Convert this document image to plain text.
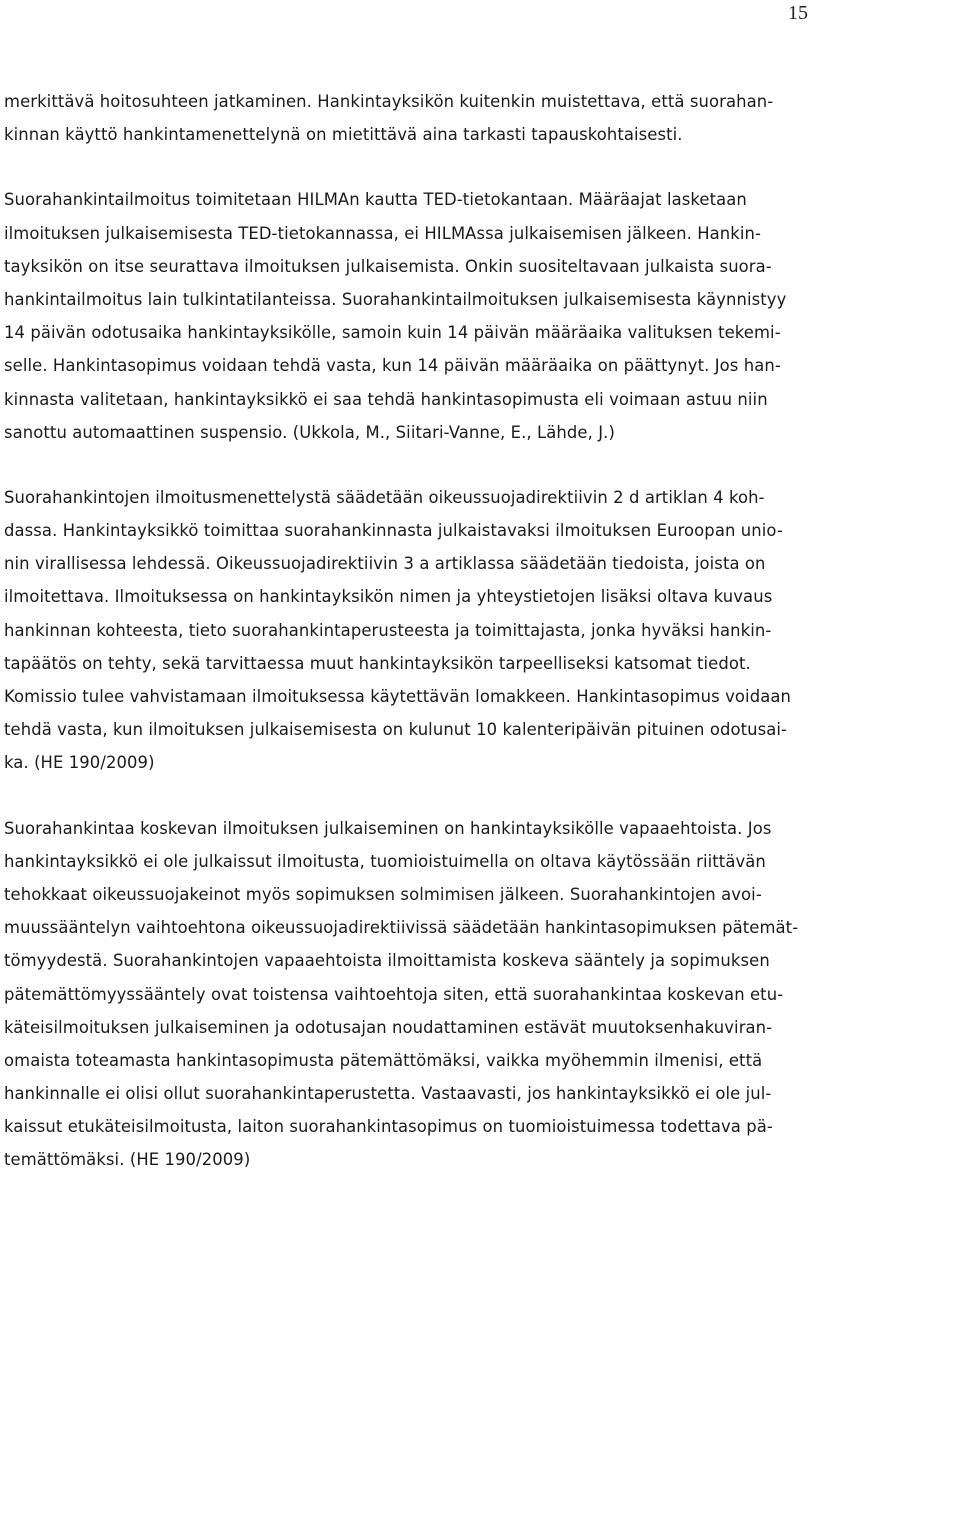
15
merkittävä hoitosuhteen jatkaminen. Hankintayksikön kuitenkin muistettava, että suorahan-
kinnan käyttö hankintamenettelynä on mietittävä aina tarkasti tapauskohtaisesti.
Suorahankintailmoitus toimitetaan HILMAn kautta TED-tietokantaan. Määräajat lasketaan
ilmoituksen julkaisemisesta TED-tietokannassa, ei HILMAssa julkaisemisen jälkeen. Hankin-
tayksikön on itse seurattava ilmoituksen julkaisemista. Onkin suositeltavaan julkaista suora-
hankintailmoitus lain tulkintatilanteissa. Suorahankintailmoituksen julkaisemisesta käynnistyy
14 päivän odotusaika hankintayksikölle, samoin kuin 14 päivän määräaika valituksen tekemi-
selle. Hankintasopimus voidaan tehdä vasta, kun 14 päivän määräaika on päättynyt. Jos han-
kinnasta valitetaan, hankintayksikkö ei saa tehdä hankintasopimusta eli voimaan astuu niin
sanottu automaattinen suspensio. (Ukkola, M., Siitari-Vanne, E., Lähde, J.)
Suorahankintojen ilmoitusmenettelystä säädetään oikeussuojadirektiivin 2 d artiklan 4 koh-
dassa. Hankintayksikkö toimittaa suorahankinnasta julkaistavaksi ilmoituksen Euroopan unio-
nin virallisessa lehdessä. Oikeussuojadirektiivin 3 a artiklassa säädetään tiedoista, joista on
ilmoitettava. Ilmoituksessa on hankintayksikön nimen ja yhteystietojen lisäksi oltava kuvaus
hankinnan kohteesta, tieto suorahankintaperusteesta ja toimittajasta, jonka hyväksi hankin-
tapäätös on tehty, sekä tarvittaessa muut hankintayksikön tarpeelliseksi katsomat tiedot.
Komissio tulee vahvistamaan ilmoituksessa käytettävän lomakkeen. Hankintasopimus voidaan
tehdä vasta, kun ilmoituksen julkaisemisesta on kulunut 10 kalenteripäivän pituinen odotusai-
ka. (HE 190/2009)
Suorahankintaa koskevan ilmoituksen julkaiseminen on hankintayksikölle vapaaehtoista. Jos
hankintayksikkö ei ole julkaissut ilmoitusta, tuomioistuimella on oltava käytössään riittävän
tehokkaat oikeussuojakeinot myös sopimuksen solmimisen jälkeen. Suorahankintojen avoi-
muussääntelyn vaihtoehtona oikeussuojadirektiivissä säädetään hankintasopimuksen pätemät-
tömyydestä. Suorahankintojen vapaaehtoista ilmoittamista koskeva sääntely ja sopimuksen
pätemättömyyssääntely ovat toistensa vaihtoehtoja siten, että suorahankintaa koskevan etu-
käteisilmoituksen julkaiseminen ja odotusajan noudattaminen estävät muutoksenhakuviran-
omaista toteamasta hankintasopimusta pätemättömäksi, vaikka myöhemmin ilmenisi, että
hankinnalle ei olisi ollut suorahankintaperustetta. Vastaavasti, jos hankintayksikkö ei ole jul-
kaissut etukäteisilmoitusta, laiton suorahankintasopimus on tuomioistuimessa todettava pä-
temättömäksi. (HE 190/2009)
